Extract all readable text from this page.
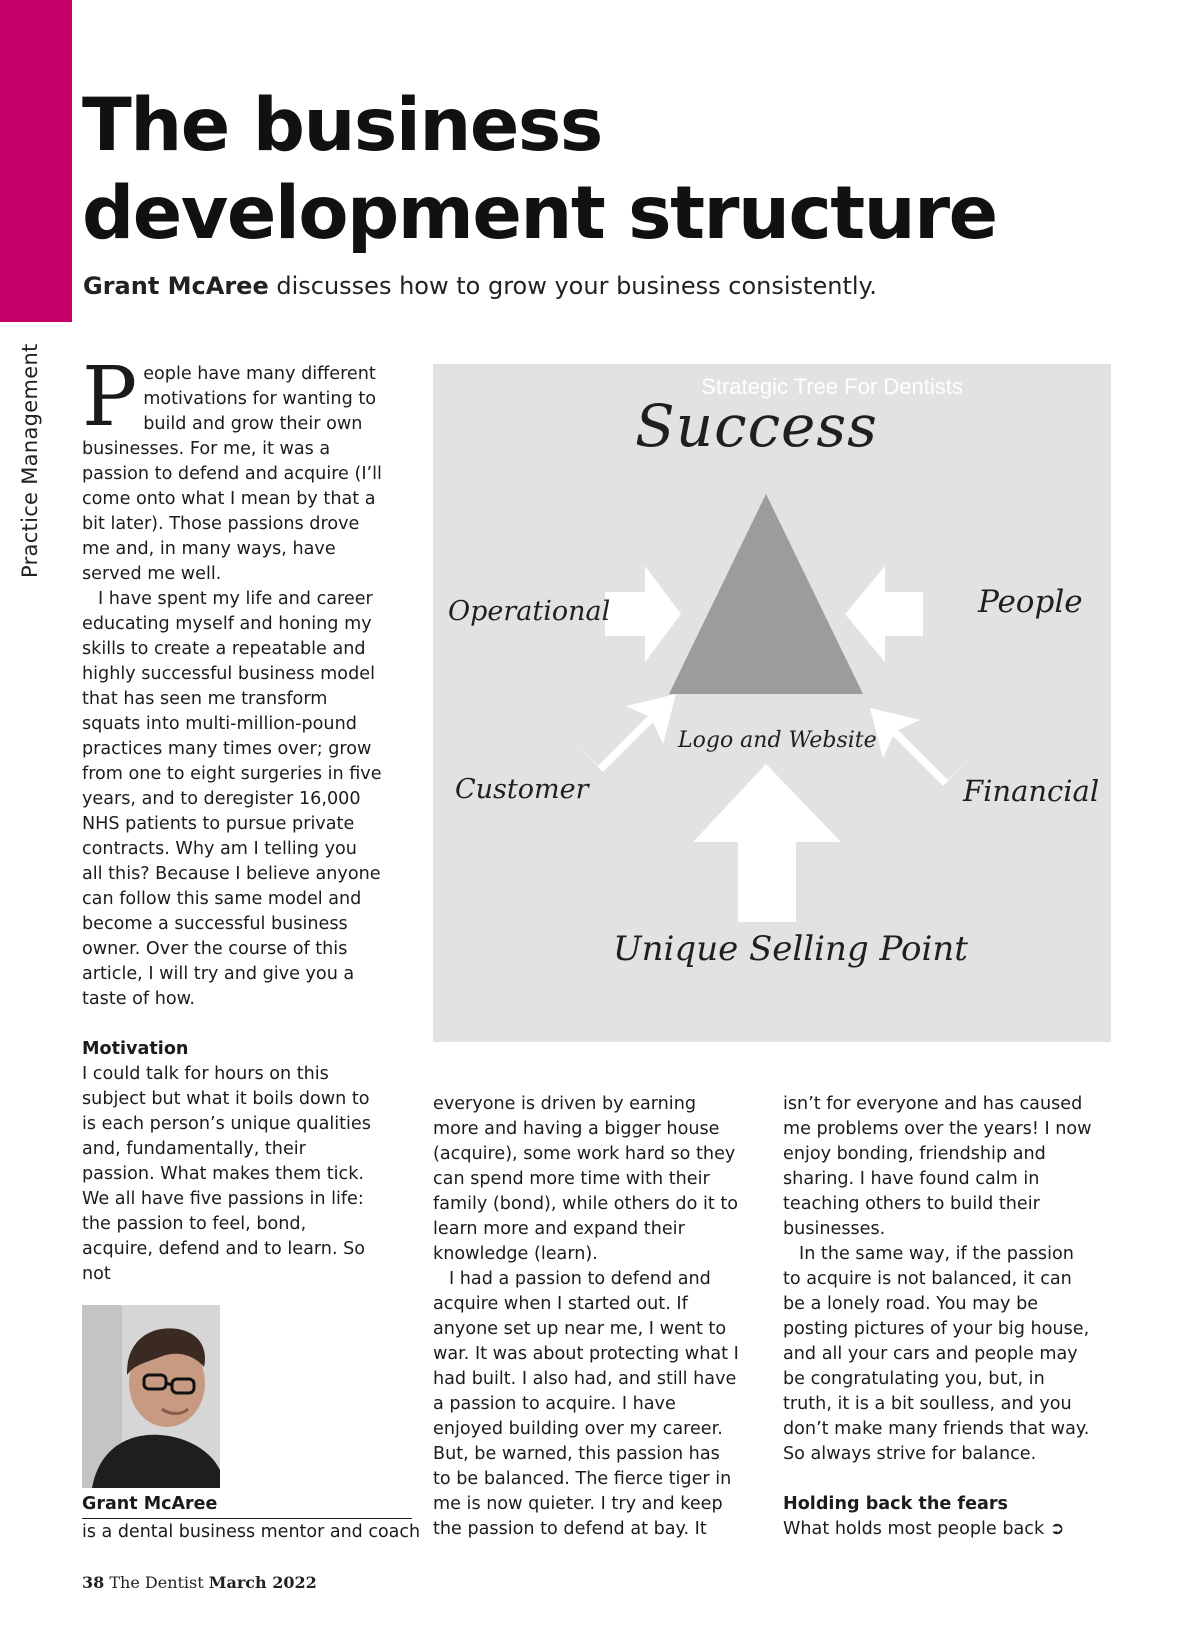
Practice Management
The business development structure
Grant McAree discusses how to grow your business consistently.

People have many different motivations for wanting to build and grow their own businesses. For me, it was a passion to defend and acquire (I’ll come onto what I mean by that a bit later). Those passions drove me and, in many ways, have served me well.

I have spent my life and career educating myself and honing my skills to create a repeatable and highly successful business model that has seen me transform squats into multi-million-pound practices many times over; grow from one to eight surgeries in five years, and to deregister 16,000 NHS patients to pursue private contracts. Why am I telling you all this? Because I believe anyone can follow this same model and become a successful business owner. Over the course of this article, I will try and give you a taste of how.

Motivation

I could talk for hours on this subject but what it boils down to is each person’s unique qualities and, fundamentally, their passion. What makes them tick. We all have five passions in life: the passion to feel, bond, acquire, defend and to learn. So not

Strategic Tree For Dentists
Success
Operational	People
Logo and Website
Customer	Financial
Unique Selling Point

everyone is driven by earning more and having a bigger house (acquire), some work hard so they can spend more time with their family (bond), while others do it to learn more and expand their knowledge (learn).

I had a passion to defend and acquire when I started out. If anyone set up near me, I went to war. It was about protecting what I had built. I also had, and still have a passion to acquire. I have enjoyed building over my career. But, be warned, this passion has to be balanced. The fierce tiger in me is now quieter. I try and keep the passion to defend at bay. It

isn’t for everyone and has caused me problems over the years! I now enjoy bonding, friendship and sharing. I have found calm in teaching others to build their businesses.

In the same way, if the passion to acquire is not balanced, it can be a lonely road. You may be posting pictures of your big house, and all your cars and people may be congratulating you, but, in truth, it is a bit soulless, and you don’t make many friends that way. So always strive for balance.

Holding back the fears

What holds most people back ➲

Grant McAree
is a dental business mentor and coach
38 The Dentist March 2022
